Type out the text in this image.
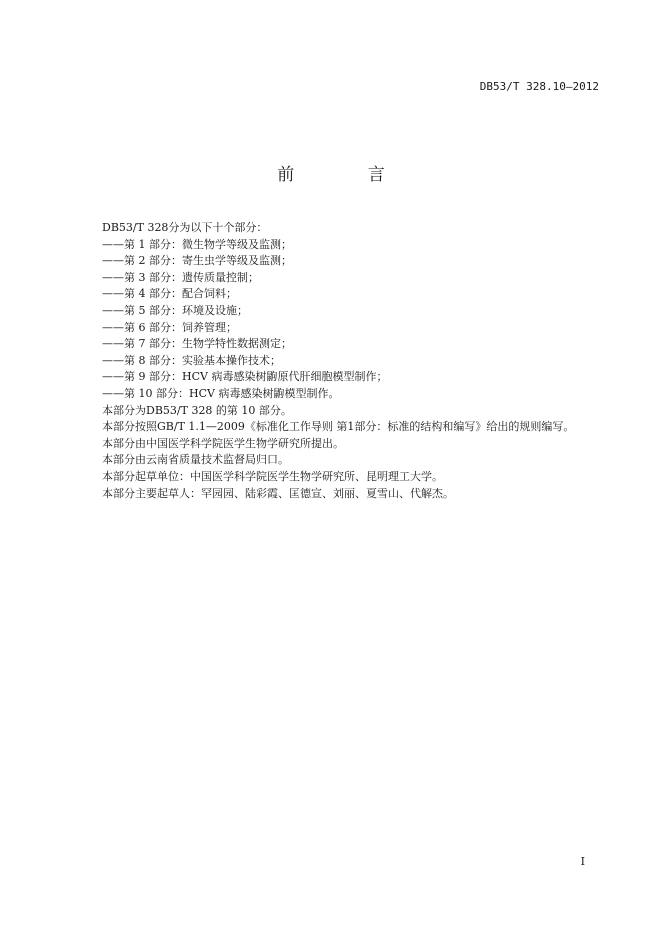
DB53/T 328.10—2012
前 言
DB53/T 328分为以下十个部分：
——第 1 部分：微生物学等级及监测；
——第 2 部分：寄生虫学等级及监测；
——第 3 部分：遗传质量控制；
——第 4 部分：配合饲料；
——第 5 部分：环境及设施；
——第 6 部分：饲养管理；
——第 7 部分：生物学特性数据测定；
——第 8 部分：实验基本操作技术；
——第 9 部分：HCV 病毒感染树鼩原代肝细胞模型制作；
——第 10 部分：HCV 病毒感染树鼩模型制作。
本部分为DB53/T 328 的第 10 部分。
本部分按照GB/T 1.1—2009《标准化工作导则 第1部分：标准的结构和编写》给出的规则编写。
本部分由中国医学科学院医学生物学研究所提出。
本部分由云南省质量技术监督局归口。
本部分起草单位：中国医学科学院医学生物学研究所、昆明理工大学。
本部分主要起草人：罕园园、陆彩霞、匡德宣、刘丽、夏雪山、代解杰。
I
